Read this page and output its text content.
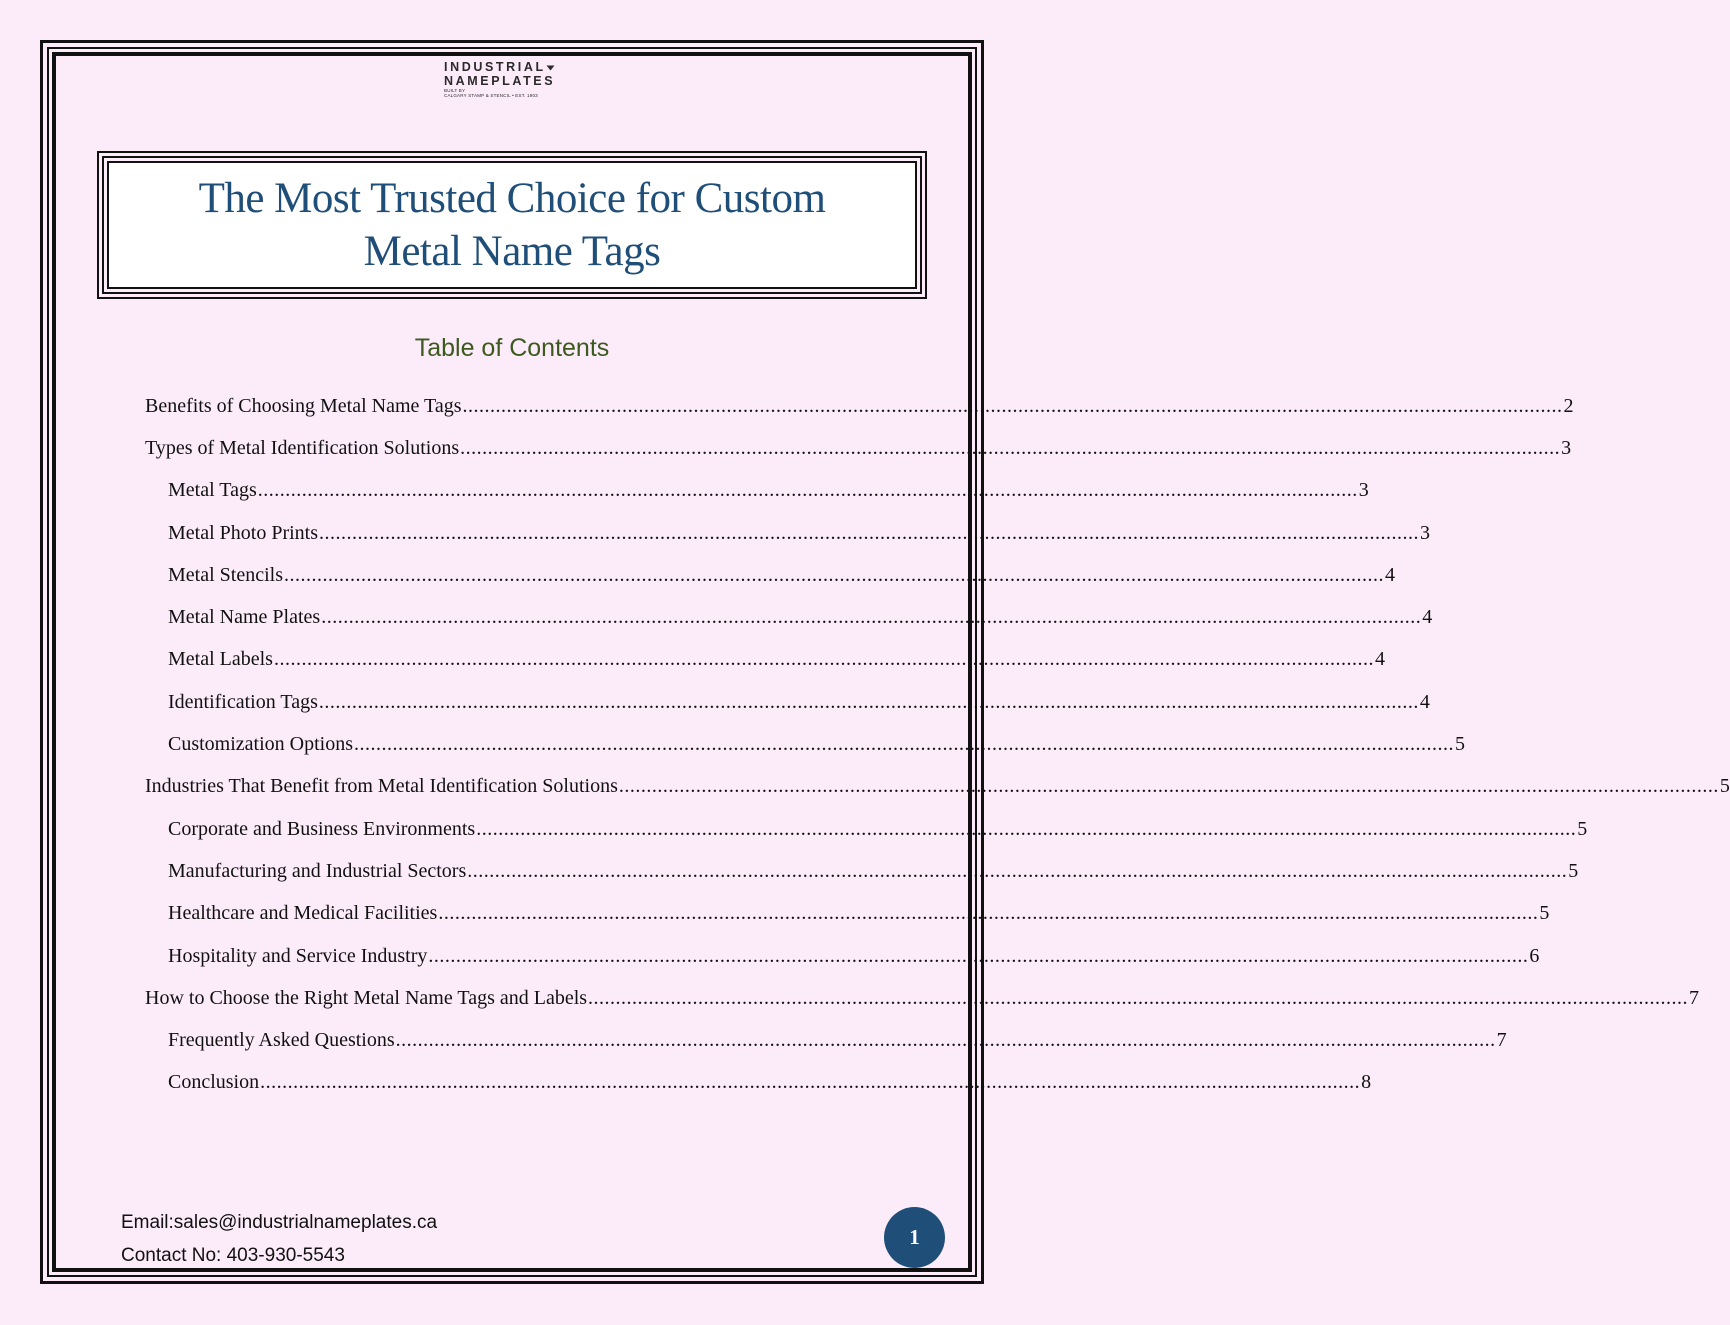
INDUSTRIAL
NAMEPLATES
BUILT BY
CALGARY STAMP & STENCIL • EST. 1903
The Most Trusted Choice for Custom
Metal Name Tags
Table of Contents
Benefits of Choosing Metal Name Tags ........................................................................................................................................................................................................ 2
Types of Metal Identification Solutions ........................................................................................................................................................................................................ 3
Metal Tags ........................................................................................................................................................................................................ 3
Metal Photo Prints ........................................................................................................................................................................................................ 3
Metal Stencils ........................................................................................................................................................................................................ 4
Metal Name Plates ........................................................................................................................................................................................................ 4
Metal Labels ........................................................................................................................................................................................................ 4
Identification Tags ........................................................................................................................................................................................................ 4
Customization Options ........................................................................................................................................................................................................ 5
Industries That Benefit from Metal Identification Solutions ........................................................................................................................................................................................................ 5
Corporate and Business Environments ........................................................................................................................................................................................................ 5
Manufacturing and Industrial Sectors ........................................................................................................................................................................................................ 5
Healthcare and Medical Facilities ........................................................................................................................................................................................................ 5
Hospitality and Service Industry ........................................................................................................................................................................................................ 6
How to Choose the Right Metal Name Tags and Labels ........................................................................................................................................................................................................ 7
Frequently Asked Questions ........................................................................................................................................................................................................ 7
Conclusion ........................................................................................................................................................................................................ 8
Email:sales@industrialnameplates.ca
Contact No: 403-930-5543
1
